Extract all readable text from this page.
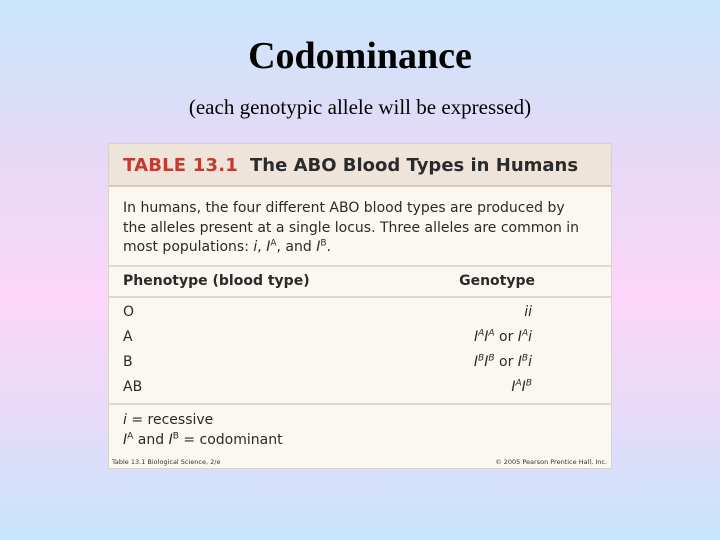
Codominance
(each genotypic allele will be expressed)
TABLE 13.1 The ABO Blood Types in Humans
In humans, the four different ABO blood types are produced by
the alleles present at a single locus. Three alleles are common in
most populations: i, $I^A$, and $I^B$.
Phenotype (blood type)	Genotype
O	ii
A	$I^AI^A$ or $I^Ai$
B	$I^BI^B$ or $I^Bi$
AB	$I^AI^B$
i = recessive
$I^A$ and $I^B$ = codominant
Table 13.1 Biological Science, 2/e	© 2005 Pearson Prentice Hall, Inc.
